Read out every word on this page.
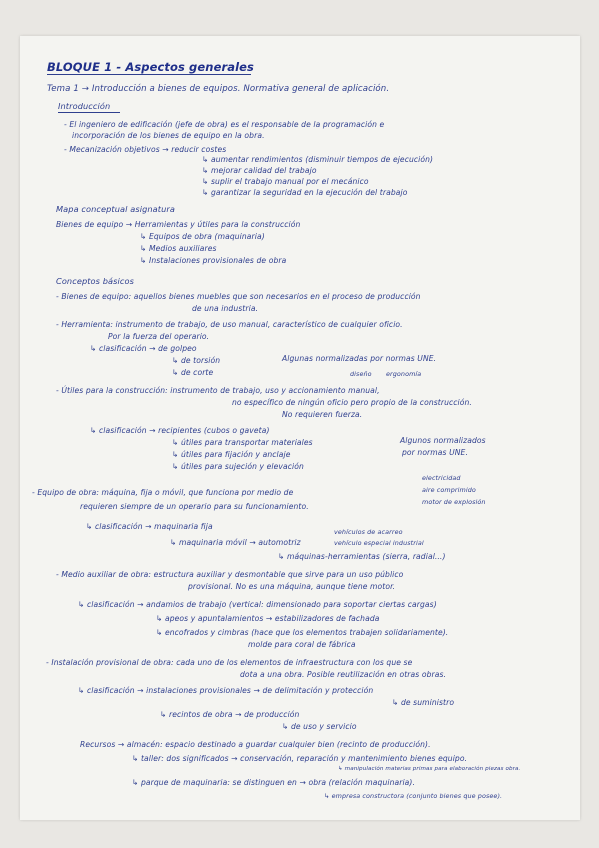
BLOQUE 1 - Aspectos generales
Tema 1 → Introducción a bienes de equipos. Normativa general de aplicación.
Introducción
- El ingeniero de edificación (jefe de obra) es el responsable de la programación e
incorporación de los bienes de equipo en la obra.
- Mecanización objetivos → reducir costes
↳ aumentar rendimientos (disminuir tiempos de ejecución)
↳ mejorar calidad del trabajo
↳ suplir el trabajo manual por el mecánico
↳ garantizar la seguridad en la ejecución del trabajo
Mapa conceptual asignatura
Bienes de equipo → Herramientas y útiles para la construcción
↳ Equipos de obra (maquinaria)
↳ Medios auxiliares
↳ Instalaciones provisionales de obra
Conceptos básicos
- Bienes de equipo: aquellos bienes muebles que son necesarios en el proceso de producción
de una industria.
- Herramienta: instrumento de trabajo, de uso manual, característico de cualquier oficio.
Por la fuerza del operario.
↳ clasificación → de golpeo
↳ de torsión
↳ de corte
Algunas normalizadas por normas UNE.
diseño ergonomía
- Útiles para la construcción: instrumento de trabajo, uso y accionamiento manual,
no específico de ningún oficio pero propio de la construcción.
No requieren fuerza.
↳ clasificación → recipientes (cubos o gaveta)
↳ útiles para transportar materiales
↳ útiles para fijación y anclaje
↳ útiles para sujeción y elevación
Algunos normalizados
por normas UNE.
- Equipo de obra: máquina, fija o móvil, que funciona por medio de
electricidad
aire comprimido
motor de explosión
requieren siempre de un operario para su funcionamiento.
↳ clasificación → maquinaria fija
↳ maquinaria móvil → automotriz
vehículos de acarreo
vehículo especial industrial
↳ máquinas-herramientas (sierra, radial...)
- Medio auxiliar de obra: estructura auxiliar y desmontable que sirve para un uso público
provisional. No es una máquina, aunque tiene motor.
↳ clasificación → andamios de trabajo (vertical: dimensionado para soportar ciertas cargas)
↳ apeos y apuntalamientos → estabilizadores de fachada
↳ encofrados y cimbras (hace que los elementos trabajen solidariamente).
molde para coral de fábrica
- Instalación provisional de obra: cada uno de los elementos de infraestructura con los que se
dota a una obra. Posible reutilización en otras obras.
↳ clasificación → instalaciones provisionales → de delimitación y protección
↳ de suministro
↳ recintos de obra → de producción
↳ de uso y servicio
Recursos → almacén: espacio destinado a guardar cualquier bien (recinto de producción).
↳ taller: dos significados → conservación, reparación y mantenimiento bienes equipo.
↳ manipulación materias primas para elaboración piezas obra.
↳ parque de maquinaria: se distinguen en → obra (relación maquinaria).
↳ empresa constructora (conjunto bienes que posee).
